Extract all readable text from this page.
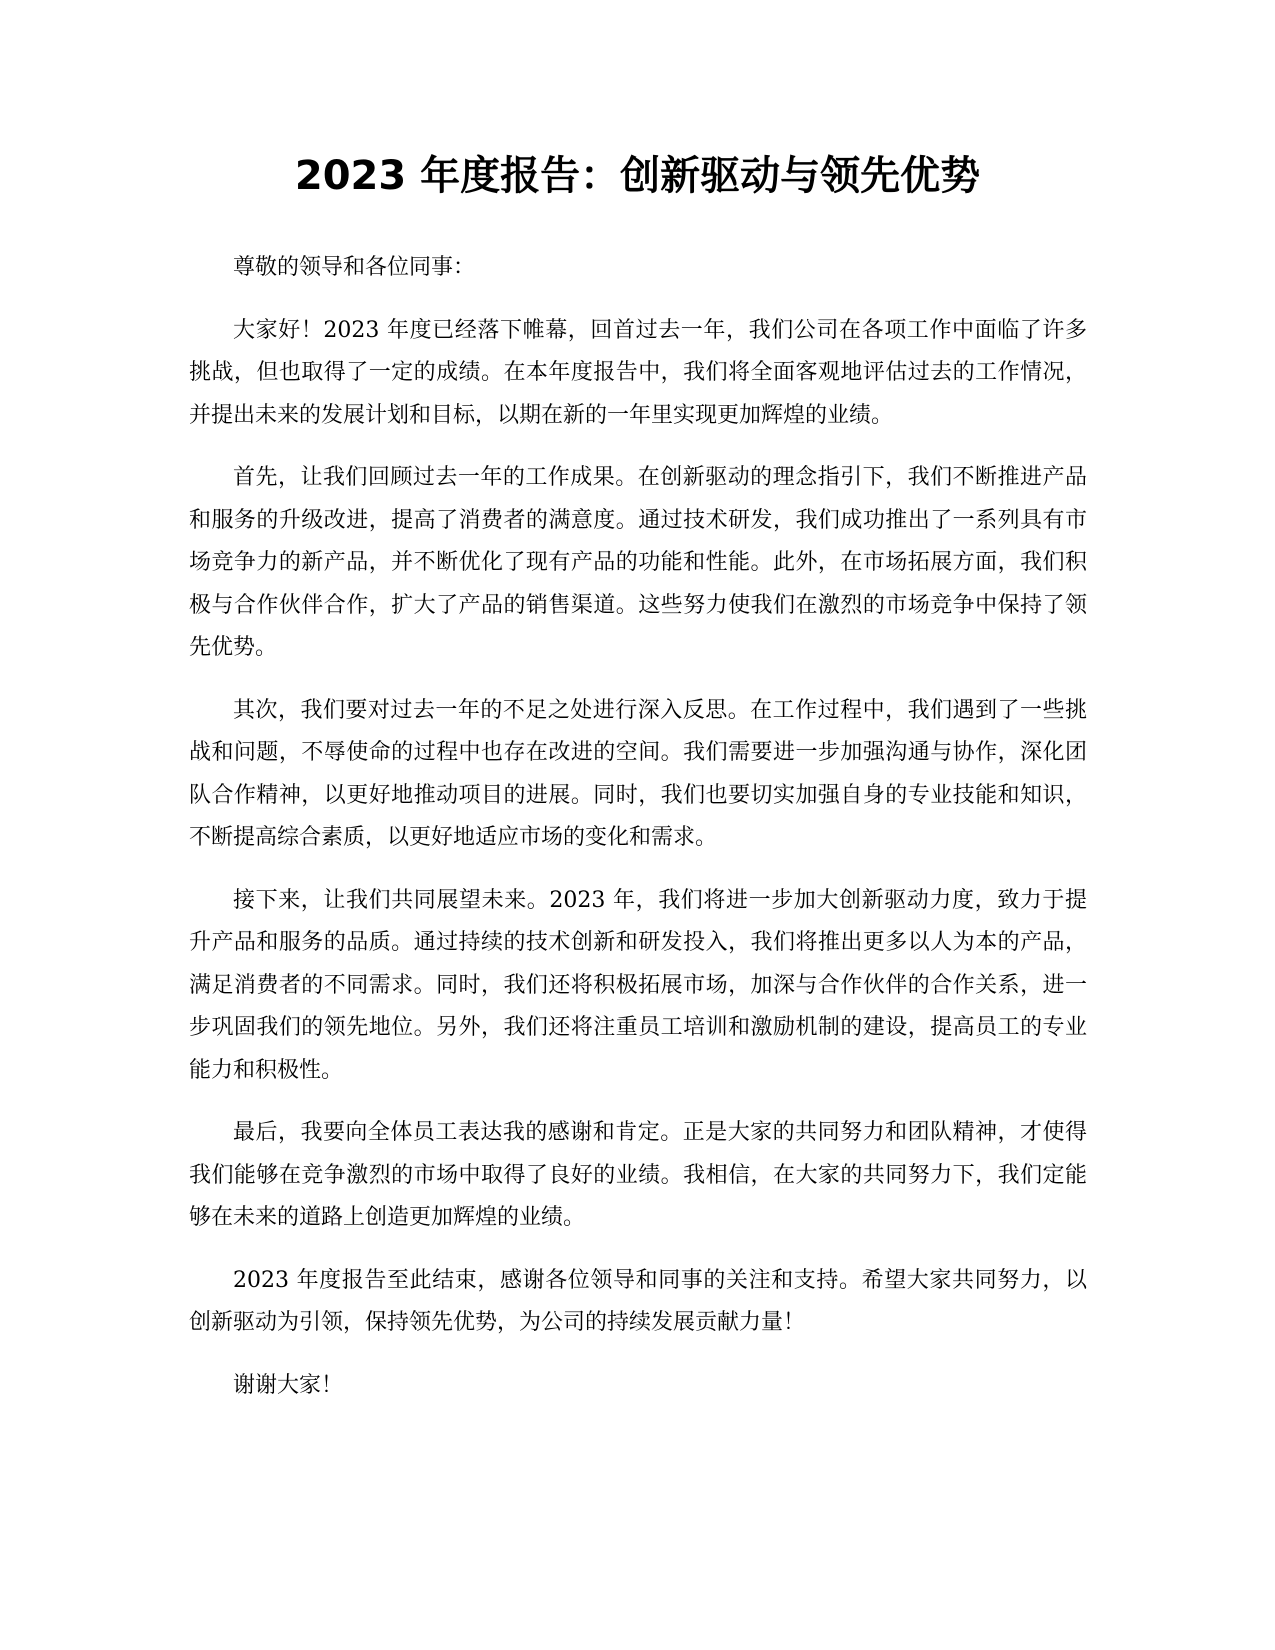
2023 年度报告：创新驱动与领先优势

尊敬的领导和各位同事：

大家好！2023 年度已经落下帷幕，回首过去一年，我们公司在各项工作中面临了许多挑战，但也取得了一定的成绩。在本年度报告中，我们将全面客观地评估过去的工作情况，并提出未来的发展计划和目标，以期在新的一年里实现更加辉煌的业绩。

首先，让我们回顾过去一年的工作成果。在创新驱动的理念指引下，我们不断推进产品和服务的升级改进，提高了消费者的满意度。通过技术研发，我们成功推出了一系列具有市场竞争力的新产品，并不断优化了现有产品的功能和性能。此外，在市场拓展方面，我们积极与合作伙伴合作，扩大了产品的销售渠道。这些努力使我们在激烈的市场竞争中保持了领先优势。

其次，我们要对过去一年的不足之处进行深入反思。在工作过程中，我们遇到了一些挑战和问题，不辱使命的过程中也存在改进的空间。我们需要进一步加强沟通与协作，深化团队合作精神，以更好地推动项目的进展。同时，我们也要切实加强自身的专业技能和知识，不断提高综合素质，以更好地适应市场的变化和需求。

接下来，让我们共同展望未来。2023 年，我们将进一步加大创新驱动力度，致力于提升产品和服务的品质。通过持续的技术创新和研发投入，我们将推出更多以人为本的产品，满足消费者的不同需求。同时，我们还将积极拓展市场，加深与合作伙伴的合作关系，进一步巩固我们的领先地位。另外，我们还将注重员工培训和激励机制的建设，提高员工的专业能力和积极性。

最后，我要向全体员工表达我的感谢和肯定。正是大家的共同努力和团队精神，才使得我们能够在竞争激烈的市场中取得了良好的业绩。我相信，在大家的共同努力下，我们定能够在未来的道路上创造更加辉煌的业绩。

2023 年度报告至此结束，感谢各位领导和同事的关注和支持。希望大家共同努力，以创新驱动为引领，保持领先优势，为公司的持续发展贡献力量！

谢谢大家！
